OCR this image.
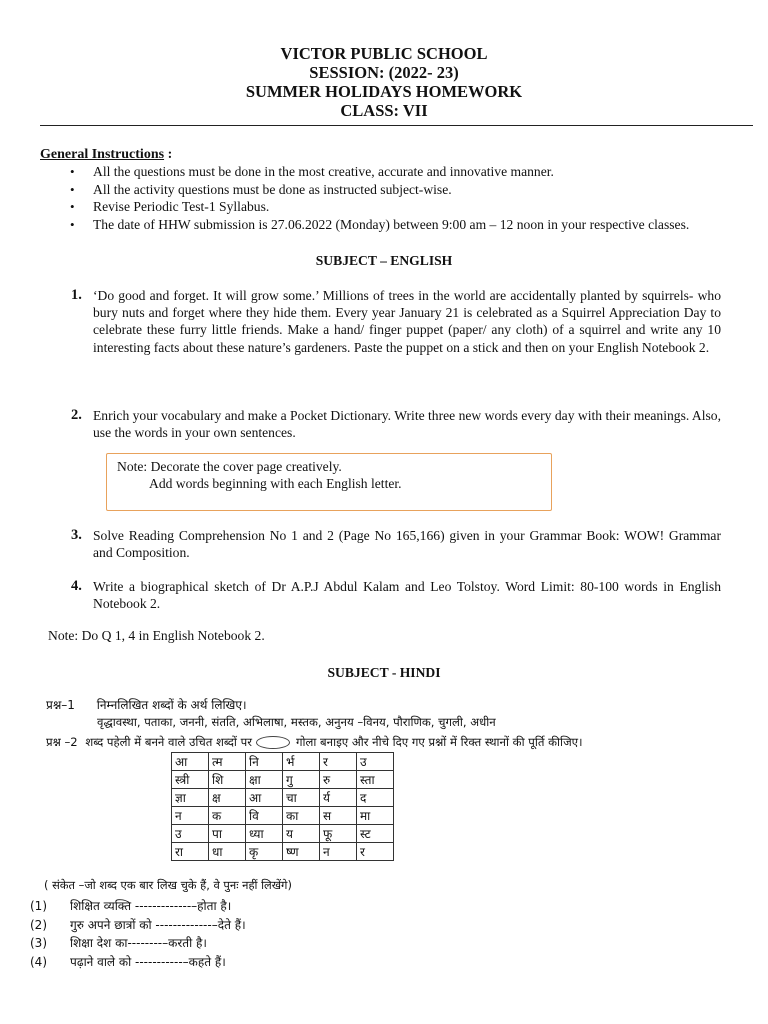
VICTOR PUBLIC SCHOOL
SESSION: (2022- 23)
SUMMER HOLIDAYS HOMEWORK
CLASS: VII
General Instructions :
• All the questions must be done in the most creative, accurate and innovative manner.
• All the activity questions must be done as instructed subject-wise.
• Revise Periodic Test-1 Syllabus.
• The date of HHW submission is 27.06.2022 (Monday) between 9:00 am – 12 noon in your respective classes.
SUBJECT – ENGLISH
1. ‘Do good and forget. It will grow some.’ Millions of trees in the world are accidentally planted by squirrels- who bury nuts and forget where they hide them. Every year January 21 is celebrated as a Squirrel Appreciation Day to celebrate these furry little friends. Make a hand/ finger puppet (paper/ any cloth) of a squirrel and write any 10 interesting facts about these nature’s gardeners. Paste the puppet on a stick and then on your English Notebook 2.

2. Enrich your vocabulary and make a Pocket Dictionary. Write three new words every day with their meanings. Also, use the words in your own sentences.

Note: Decorate the cover page creatively.
Add words beginning with each English letter.
3. Solve Reading Comprehension No 1 and 2 (Page No 165,166) given in your Grammar Book: WOW! Grammar and Composition.

4. Write a biographical sketch of Dr A.P.J Abdul Kalam and Leo Tolstoy. Word Limit: 80-100 words in English Notebook 2.

Note: Do Q 1, 4 in English Notebook 2.
SUBJECT - HINDI
प्रश्न–1 निम्नलिखित शब्दों के अर्थ लिखिए।
वृद्धावस्था, पताका, जननी, संतति, अभिलाषा, मस्तक, अनुनय –विनय, पौराणिक, चुगली, अधीन
प्रश्न –2 शब्द पहेली में बनने वाले उचित शब्दों पर	गोला बनाइए और नीचे दिए गए प्रश्नों में रिक्त स्थानों की पूर्ति कीजिए।
आ	त्म	नि	र्भ	र	उ
स्त्री	शि	क्षा	गु	रु	स्ता
ज्ञा	क्ष	आ	चा	र्य	द
न	क	वि	का	स	मा
उ	पा	ध्या	य	फू	स्ट
रा	धा	कृ	ष्ण	न	र
( संकेत –जो शब्द एक बार लिख चुके हैं, वे पुनः नहीं लिखेंगे)
(1) शिक्षित व्यक्ति -------------–होता है।
(2) गुरु अपने छात्रों को -------------–देते हैं।
(3) शिक्षा देश का--------–करती है।
(4) पढ़ाने वाले को -----------–कहते हैं।
